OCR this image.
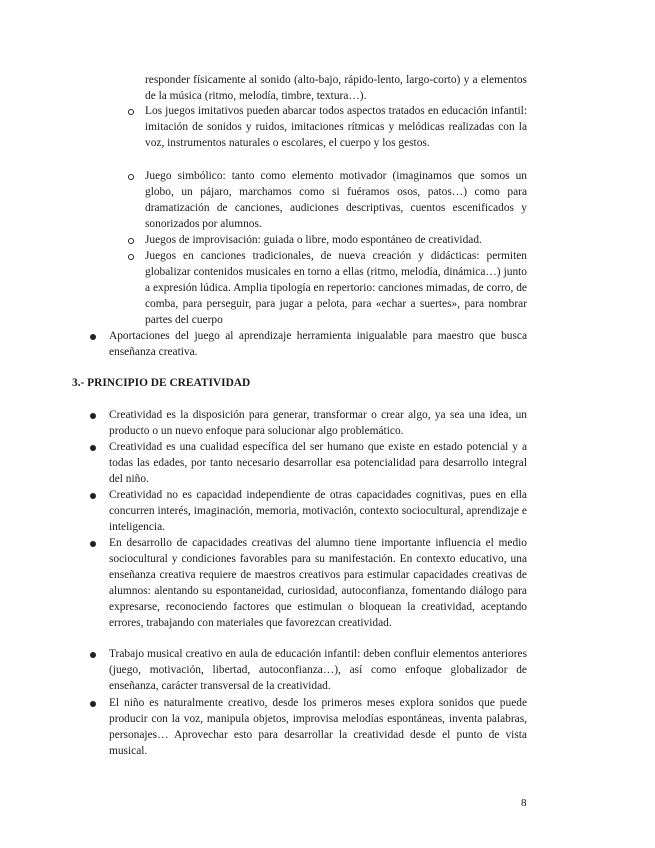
responder físicamente al sonido (alto-bajo, rápido-lento, largo-corto) y a elementos de la música (ritmo, melodía, timbre, textura…).

Los juegos imitativos pueden abarcar todos aspectos tratados en educación infantil: imitación de sonidos y ruidos, imitaciones rítmicas y melódicas realizadas con la voz, instrumentos naturales o escolares, el cuerpo y los gestos.

Juego simbólico: tanto como elemento motivador (imaginamos que somos un globo, un pájaro, marchamos como si fuéramos osos, patos…) como para dramatización de canciones, audiciones descriptivas, cuentos escenificados y sonorizados por alumnos.

Juegos de improvisación: guiada o libre, modo espontáneo de creatividad.

Juegos en canciones tradicionales, de nueva creación y didácticas: permiten globalizar contenidos musicales en torno a ellas (ritmo, melodía, dinámica…) junto a expresión lúdica. Amplia tipología en repertorio: canciones mimadas, de corro, de comba, para perseguir, para jugar a pelota, para «echar a suertes», para nombrar partes del cuerpo

Aportaciones del juego al aprendizaje herramienta inigualable para maestro que busca enseñanza creativa.

3.- PRINCIPIO DE CREATIVIDAD

Creatividad es la disposición para generar, transformar o crear algo, ya sea una idea, un producto o un nuevo enfoque para solucionar algo problemático.

Creatividad es una cualidad específica del ser humano que existe en estado potencial y a todas las edades, por tanto necesario desarrollar esa potencialidad para desarrollo integral del niño.

Creatividad no es capacidad independiente de otras capacidades cognitivas, pues en ella concurren interés, imaginación, memoria, motivación, contexto sociocultural, aprendizaje e inteligencia.

En desarrollo de capacidades creativas del alumno tiene importante influencia el medio sociocultural y condiciones favorables para su manifestación. En contexto educativo, una enseñanza creativa requiere de maestros creativos para estimular capacidades creativas de alumnos: alentando su espontaneidad, curiosidad, autoconfianza, fomentando diálogo para expresarse, reconociendo factores que estimulan o bloquean la creatividad, aceptando errores, trabajando con materiales que favorezcan creatividad.

Trabajo musical creativo en aula de educación infantil: deben confluir elementos anteriores (juego, motivación, libertad, autoconfianza…), así como enfoque globalizador de enseñanza, carácter transversal de la creatividad.

El niño es naturalmente creativo, desde los primeros meses explora sonidos que puede producir con la voz, manipula objetos, improvisa melodías espontáneas, inventa palabras, personajes… Aprovechar esto para desarrollar la creatividad desde el punto de vista musical.

8
